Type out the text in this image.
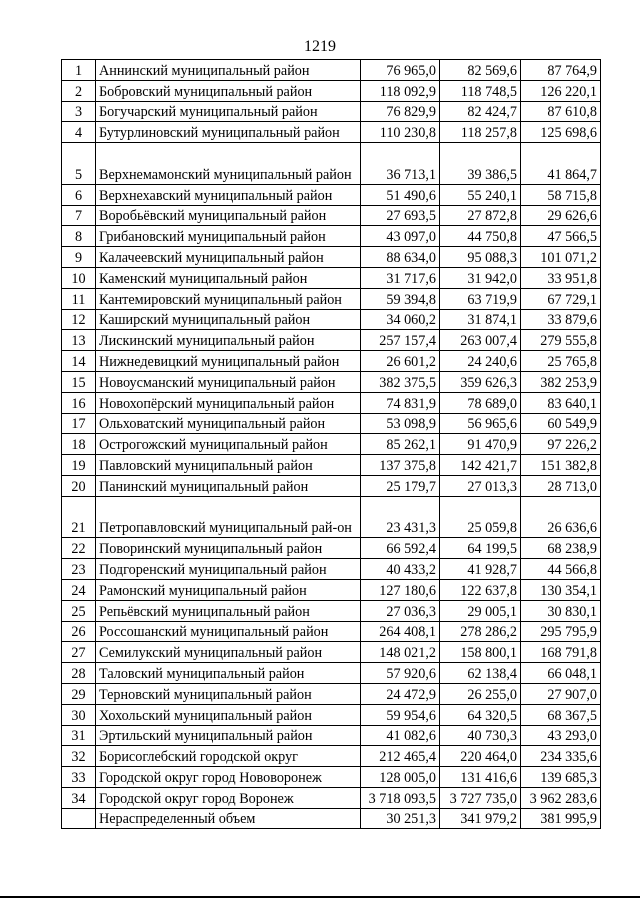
1219
1	Аннинский муниципальный район	76 965,0	82 569,6	87 764,9
2	Бобровский муниципальный район	118 092,9	118 748,5	126 220,1
3	Богучарский муниципальный район	76 829,9	82 424,7	87 610,8
4	Бутурлиновский муниципальный район	110 230,8	118 257,8	125 698,6
5	Верхнемамонский муниципальный район	36 713,1	39 386,5	41 864,7
6	Верхнехавский муниципальный район	51 490,6	55 240,1	58 715,8
7	Воробьёвский муниципальный район	27 693,5	27 872,8	29 626,6
8	Грибановский муниципальный район	43 097,0	44 750,8	47 566,5
9	Калачеевский муниципальный район	88 634,0	95 088,3	101 071,2
10	Каменский муниципальный район	31 717,6	31 942,0	33 951,8
11	Кантемировский муниципальный район	59 394,8	63 719,9	67 729,1
12	Каширский муниципальный район	34 060,2	31 874,1	33 879,6
13	Лискинский муниципальный район	257 157,4	263 007,4	279 555,8
14	Нижнедевицкий муниципальный район	26 601,2	24 240,6	25 765,8
15	Новоусманский муниципальный район	382 375,5	359 626,3	382 253,9
16	Новохопёрский муниципальный район	74 831,9	78 689,0	83 640,1
17	Ольховатский муниципальный район	53 098,9	56 965,6	60 549,9
18	Острогожский муниципальный район	85 262,1	91 470,9	97 226,2
19	Павловский муниципальный район	137 375,8	142 421,7	151 382,8
20	Панинский муниципальный район	25 179,7	27 013,3	28 713,0
21	Петропавловский муниципальный рай-он	23 431,3	25 059,8	26 636,6
22	Поворинский муниципальный район	66 592,4	64 199,5	68 238,9
23	Подгоренский муниципальный район	40 433,2	41 928,7	44 566,8
24	Рамонский муниципальный район	127 180,6	122 637,8	130 354,1
25	Репьёвский муниципальный район	27 036,3	29 005,1	30 830,1
26	Россошанский муниципальный район	264 408,1	278 286,2	295 795,9
27	Семилукский муниципальный район	148 021,2	158 800,1	168 791,8
28	Таловский муниципальный район	57 920,6	62 138,4	66 048,1
29	Терновский муниципальный район	24 472,9	26 255,0	27 907,0
30	Хохольский муниципальный район	59 954,6	64 320,5	68 367,5
31	Эртильский муниципальный район	41 082,6	40 730,3	43 293,0
32	Борисоглебский городской округ	212 465,4	220 464,0	234 335,6
33	Городской округ город Нововоронеж	128 005,0	131 416,6	139 685,3
34	Городской округ город Воронеж	3 718 093,5	3 727 735,0	3 962 283,6
	Нераспределенный объем	30 251,3	341 979,2	381 995,9
